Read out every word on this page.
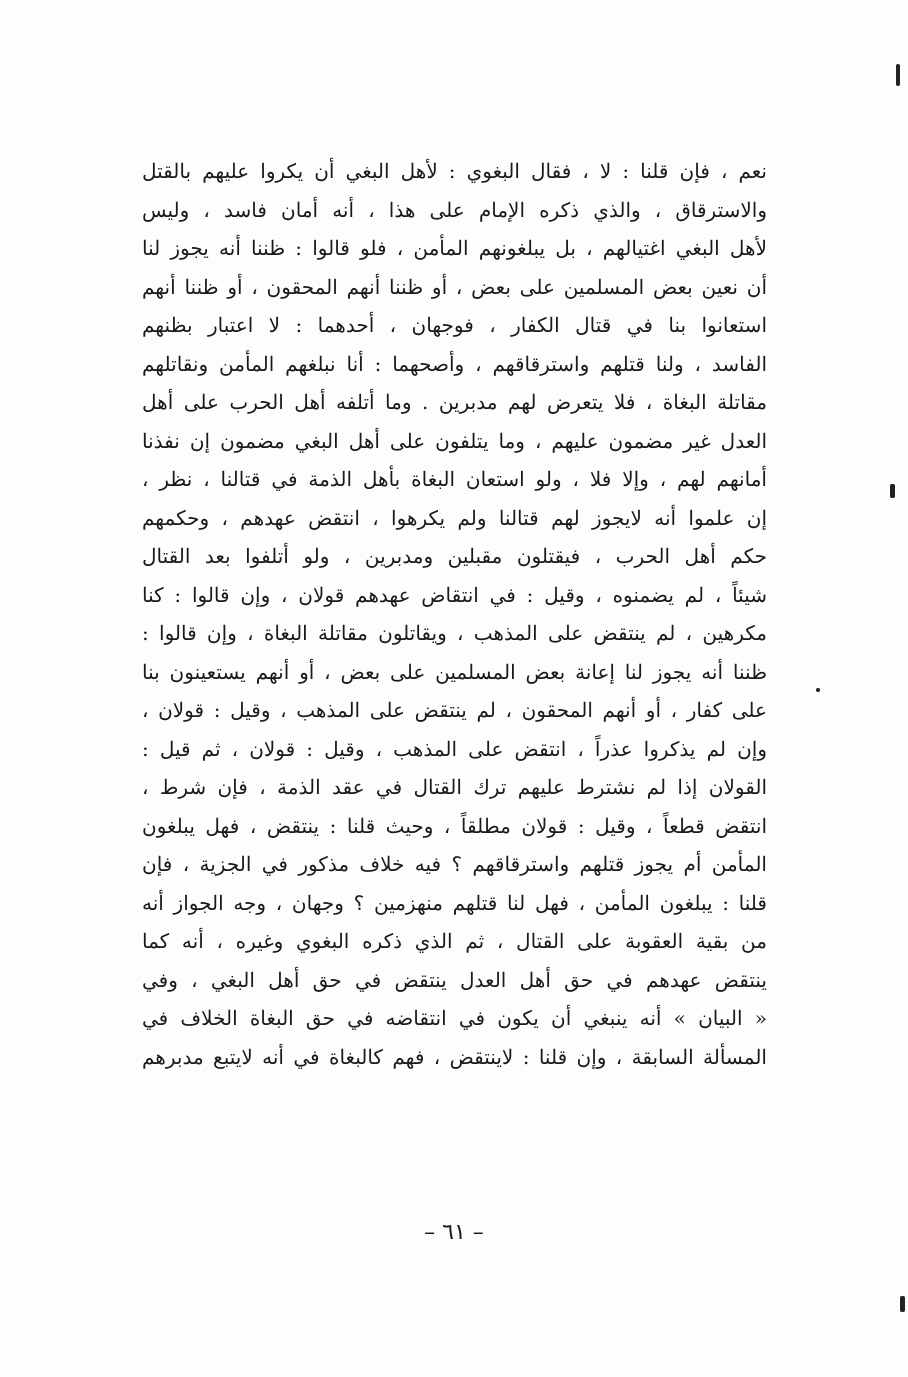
نعم ، فإن قلنا : لا ، فقال البغوي : لأهل البغي أن يكروا عليهم بالقتل
والاسترقاق ، والذي ذكره الإمام على هذا ، أنه أمان فاسد ، وليس
لأهل البغي اغتيالهم ، بل يبلغونهم المأمن ، فلو قالوا : ظننا أنه يجوز لنا
أن نعين بعض المسلمين على بعض ، أو ظننا أنهم المحقون ، أو ظننا أنهم
استعانوا بنا في قتال الكفار ، فوجهان ، أحدهما : لا اعتبار بظنهم
الفاسد ، ولنا قتلهم واسترقاقهم ، وأصحهما : أنا نبلغهم المأمن ونقاتلهم
مقاتلة البغاة ، فلا يتعرض لهم مدبرين . وما أتلفه أهل الحرب على أهل
العدل غير مضمون عليهم ، وما يتلفون على أهل البغي مضمون إن نفذنا
أمانهم لهم ، وإلا فلا ، ولو استعان البغاة بأهل الذمة في قتالنا ، نظر ،
إن علموا أنه لايجوز لهم قتالنا ولم يكرهوا ، انتقض عهدهم ، وحكمهم
حكم أهل الحرب ، فيقتلون مقبلين ومدبرين ، ولو أتلفوا بعد القتال
شيئاً ، لم يضمنوه ، وقيل : في انتقاض عهدهم قولان ، وإن قالوا : كنا
مكرهين ، لم ينتقض على المذهب ، ويقاتلون مقاتلة البغاة ، وإن قالوا :
ظننا أنه يجوز لنا إعانة بعض المسلمين على بعض ، أو أنهم يستعينون بنا
على كفار ، أو أنهم المحقون ، لم ينتقض على المذهب ، وقيل : قولان ،
وإن لم يذكروا عذراً ، انتقض على المذهب ، وقيل : قولان ، ثم قيل :
القولان إذا لم نشترط عليهم ترك القتال في عقد الذمة ، فإن شرط ،
انتقض قطعاً ، وقيل : قولان مطلقاً ، وحيث قلنا : ينتقض ، فهل يبلغون
المأمن أم يجوز قتلهم واسترقاقهم ؟ فيه خلاف مذكور في الجزية ، فإن
قلنا : يبلغون المأمن ، فهل لنا قتلهم منهزمين ؟ وجهان ، وجه الجواز أنه
من بقية العقوبة على القتال ، ثم الذي ذكره البغوي وغيره ، أنه كما
ينتقض عهدهم في حق أهل العدل ينتقض في حق أهل البغي ، وفي
« البيان » أنه ينبغي أن يكون في انتقاضه في حق البغاة الخلاف في
المسألة السابقة ، وإن قلنا : لاينتقض ، فهم كالبغاة في أنه لايتبع مدبرهم
– ٦١ –
